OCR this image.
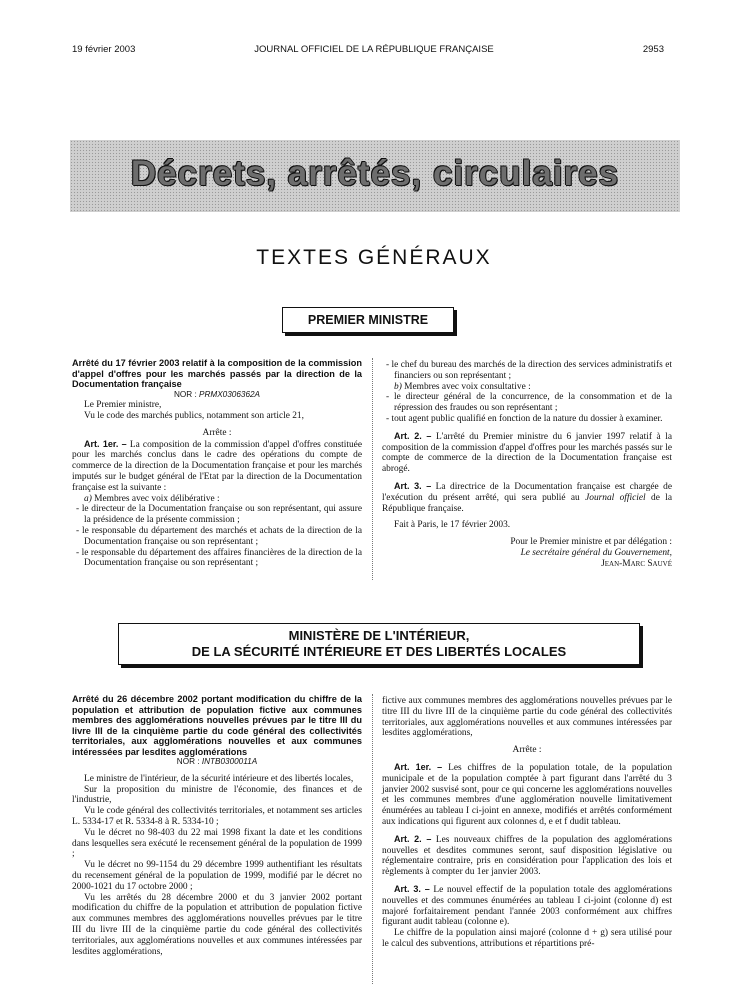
19 février 2003	JOURNAL OFFICIEL DE LA RÉPUBLIQUE FRANÇAISE	2953
Décrets, arrêtés, circulaires
TEXTES GÉNÉRAUX
PREMIER MINISTRE

Arrêté du 17 février 2003 relatif à la composition de la commission d'appel d'offres pour les marchés passés par la direction de la Documentation française

NOR : PRMX0306362A

Le Premier ministre,

Vu le code des marchés publics, notamment son article 21,

Arrête :

Art. 1er. – La composition de la commission d'appel d'offres constituée pour les marchés conclus dans le cadre des opérations du compte de commerce de la direction de la Documentation française et pour les marchés imputés sur le budget général de l'Etat par la direction de la Documentation française est la suivante :

a) Membres avec voix délibérative :

- le directeur de la Documentation française ou son représentant, qui assure la présidence de la présente commission ;

- le responsable du département des marchés et achats de la direction de la Documentation française ou son représentant ;

- le responsable du département des affaires financières de la direction de la Documentation française ou son représentant ;

- le chef du bureau des marchés de la direction des services administratifs et financiers ou son représentant ;

b) Membres avec voix consultative :

- le directeur général de la concurrence, de la consommation et de la répression des fraudes ou son représentant ;

- tout agent public qualifié en fonction de la nature du dossier à examiner.

Art. 2. – L'arrêté du Premier ministre du 6 janvier 1997 relatif à la composition de la commission d'appel d'offres pour les marchés passés sur le compte de commerce de la direction de la Documentation française est abrogé.

Art. 3. – La directrice de la Documentation française est chargée de l'exécution du présent arrêté, qui sera publié au Journal officiel de la République française.

Fait à Paris, le 17 février 2003.

Pour le Premier ministre et par délégation :

Le secrétaire général du Gouvernement,

Jean-Marc Sauvé

MINISTÈRE DE L'INTÉRIEUR,
DE LA SÉCURITÉ INTÉRIEURE ET DES LIBERTÉS LOCALES

Arrêté du 26 décembre 2002 portant modification du chiffre de la population et attribution de population fictive aux communes membres des agglomérations nouvelles prévues par le titre III du livre III de la cinquième partie du code général des collectivités territoriales, aux agglomérations nouvelles et aux communes intéressées par lesdites agglomérations

NOR : INTB0300011A

Le ministre de l'intérieur, de la sécurité intérieure et des libertés locales,

Sur la proposition du ministre de l'économie, des finances et de l'industrie,

Vu le code général des collectivités territoriales, et notamment ses articles L. 5334-17 et R. 5334-8 à R. 5334-10 ;

Vu le décret no 98-403 du 22 mai 1998 fixant la date et les conditions dans lesquelles sera exécuté le recensement général de la population de 1999 ;

Vu le décret no 99-1154 du 29 décembre 1999 authentifiant les résultats du recensement général de la population de 1999, modifié par le décret no 2000-1021 du 17 octobre 2000 ;

Vu les arrêtés du 28 décembre 2000 et du 3 janvier 2002 portant modification du chiffre de la population et attribution de population fictive aux communes membres des agglomérations nouvelles prévues par le titre III du livre III de la cinquième partie du code général des collectivités territoriales, aux agglomérations nouvelles et aux communes intéressées par lesdites agglomérations,

fictive aux communes membres des agglomérations nouvelles prévues par le titre III du livre III de la cinquième partie du code général des collectivités territoriales, aux agglomérations nouvelles et aux communes intéressées par lesdites agglomérations,

Arrête :

Art. 1er. – Les chiffres de la population totale, de la population municipale et de la population comptée à part figurant dans l'arrêté du 3 janvier 2002 susvisé sont, pour ce qui concerne les agglomérations nouvelles et les communes membres d'une agglomération nouvelle limitativement énumérées au tableau I ci-joint en annexe, modifiés et arrêtés conformément aux indications qui figurent aux colonnes d, e et f dudit tableau.

Art. 2. – Les nouveaux chiffres de la population des agglomérations nouvelles et desdites communes seront, sauf disposition législative ou réglementaire contraire, pris en considération pour l'application des lois et règlements à compter du 1er janvier 2003.

Art. 3. – Le nouvel effectif de la population totale des agglomérations nouvelles et des communes énumérées au tableau I ci-joint (colonne d) est majoré forfaitairement pendant l'année 2003 conformément aux chiffres figurant audit tableau (colonne e).

Le chiffre de la population ainsi majoré (colonne d + g) sera utilisé pour le calcul des subventions, attributions et répartitions pré-
